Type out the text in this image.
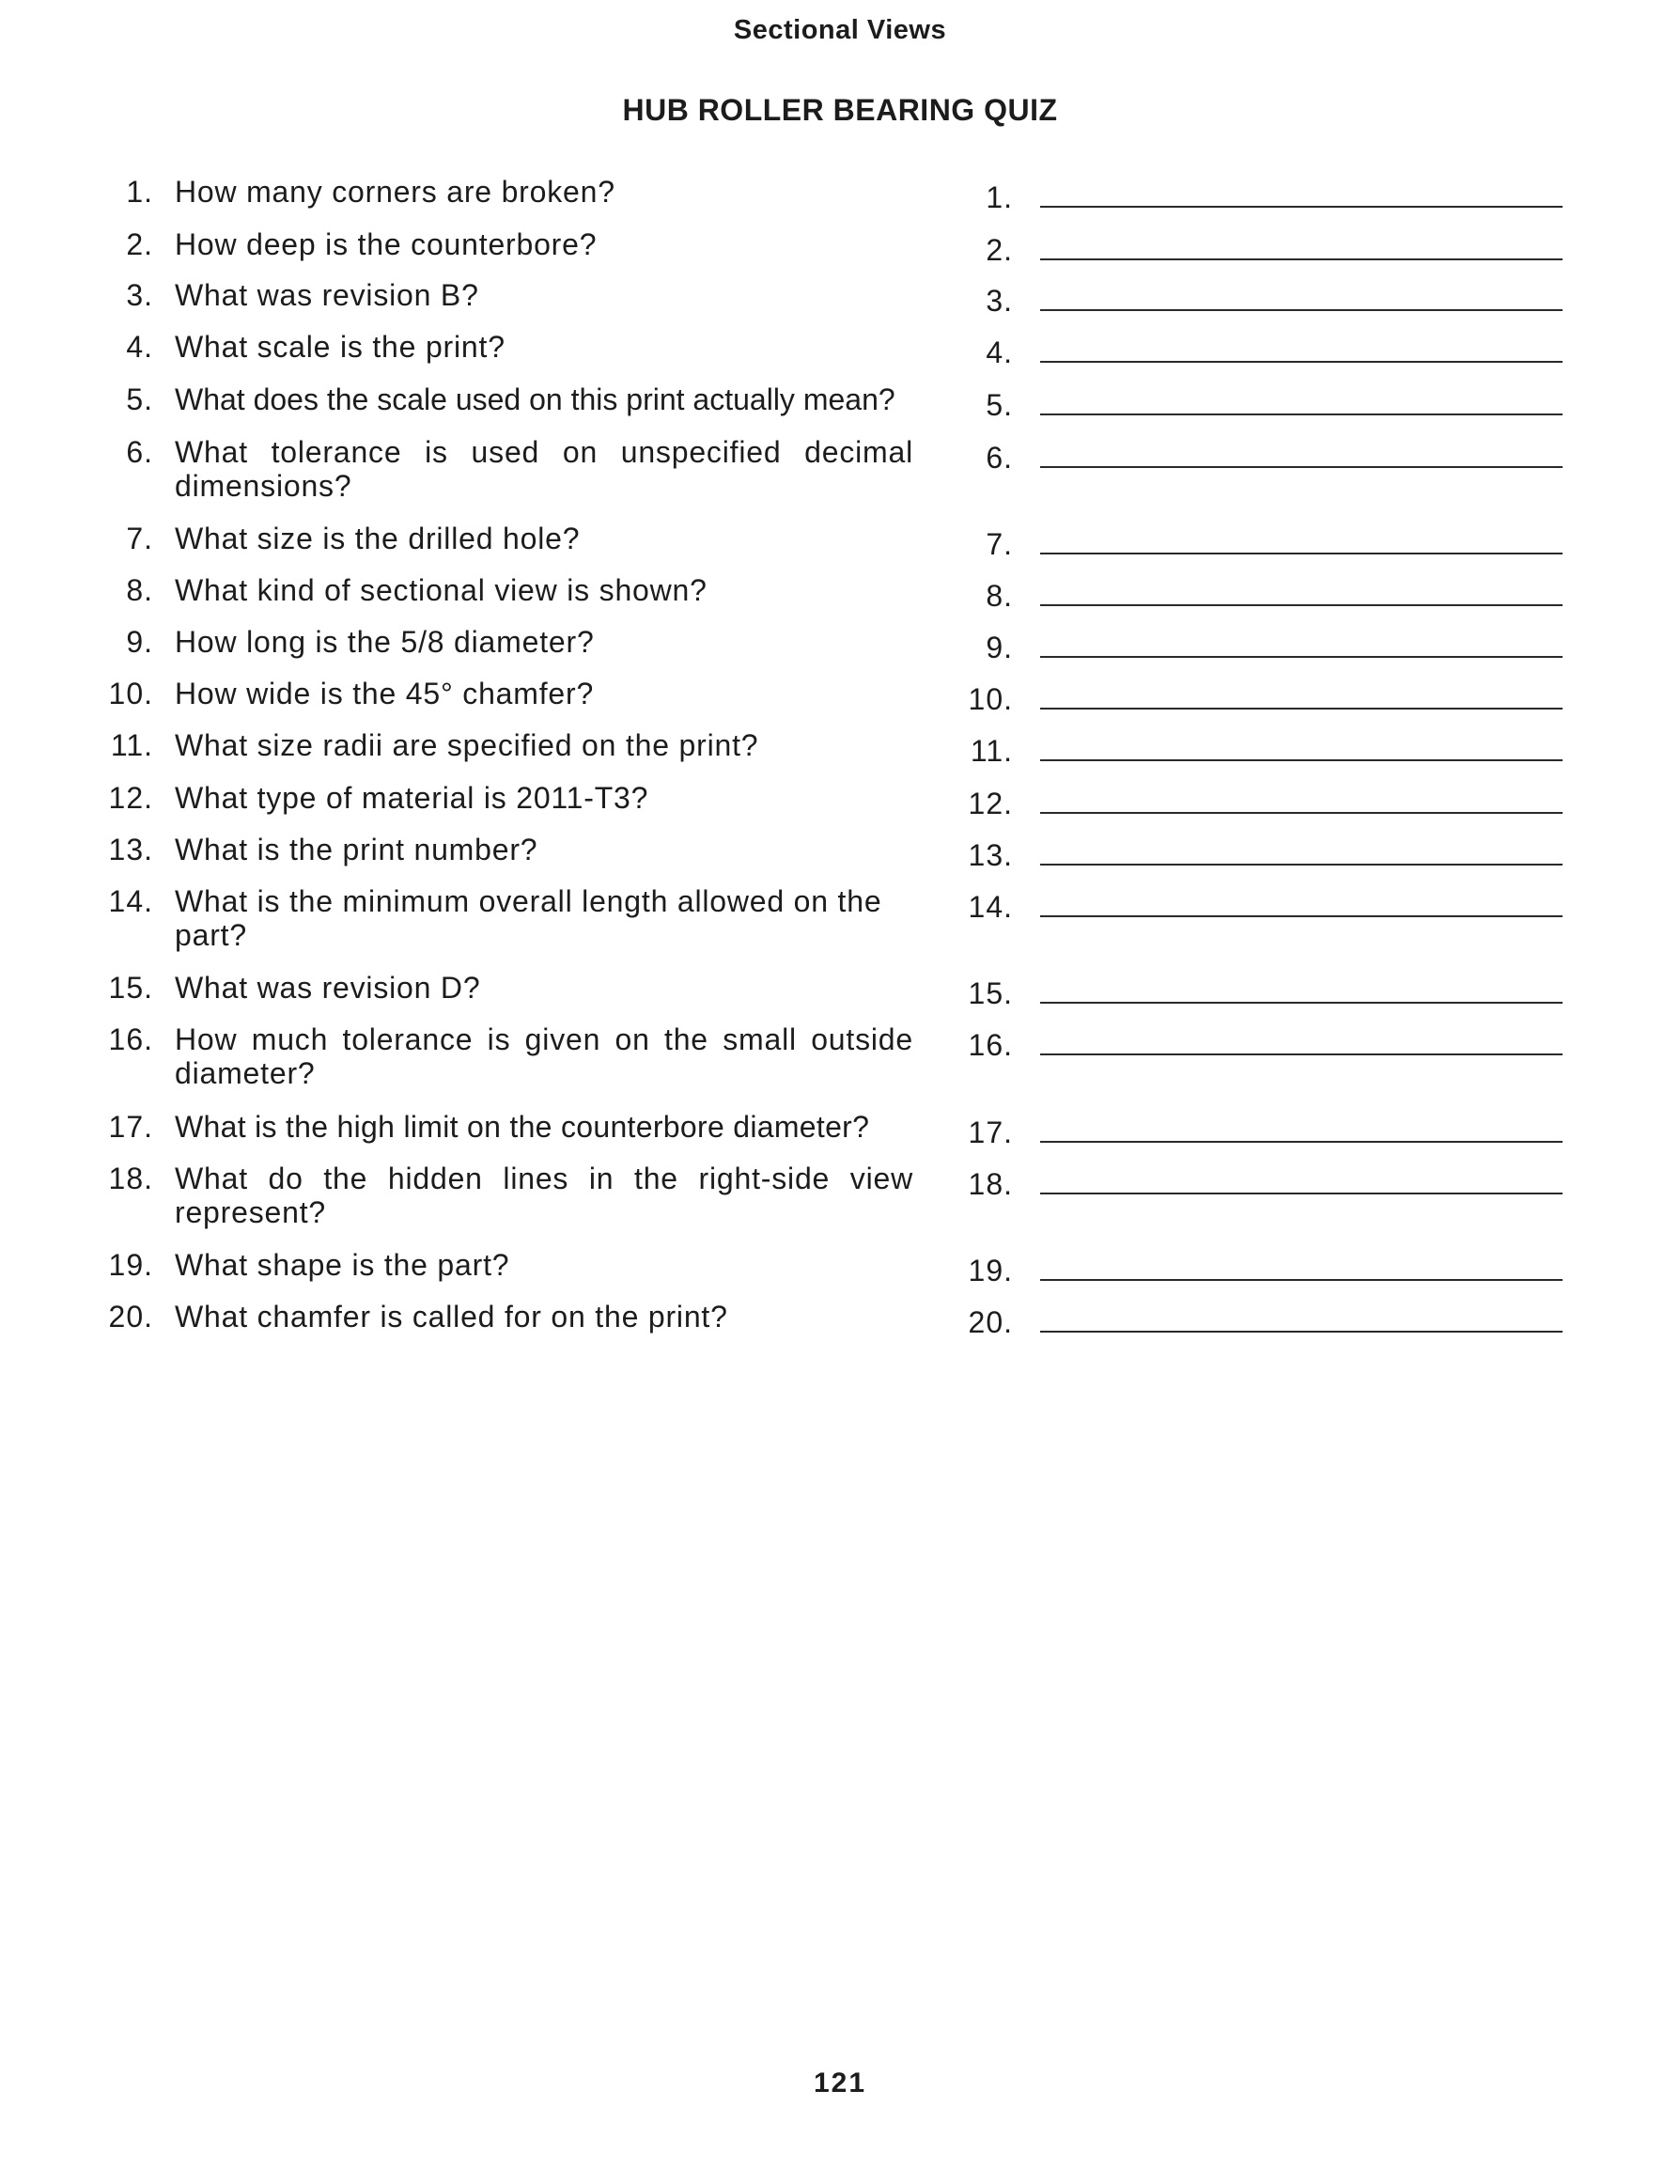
Sectional Views
HUB ROLLER BEARING QUIZ
1. How many corners are broken?	1.
2. How deep is the counterbore?	2.
3. What was revision B?	3.
4. What scale is the print?	4.
5. What does the scale used on this print actually mean?	5.
6. What tolerance is used on unspecified decimal dimensions?
6.
7. What size is the drilled hole?	7.
8. What kind of sectional view is shown?	8.
9. How long is the 5/8 diameter?	9.
10. How wide is the 45° chamfer?	10.
11. What size radii are specified on the print?	11.
12. What type of material is 2011-T3?	12.
13. What is the print number?	13.
14. What is the minimum overall length allowed on the part?
14.
15. What was revision D?	15.
16. How much tolerance is given on the small outside diameter?
16.
17. What is the high limit on the counterbore diameter?	17.
18. What do the hidden lines in the right-side view represent?
18.
19. What shape is the part?	19.
20. What chamfer is called for on the print?	20.
121
